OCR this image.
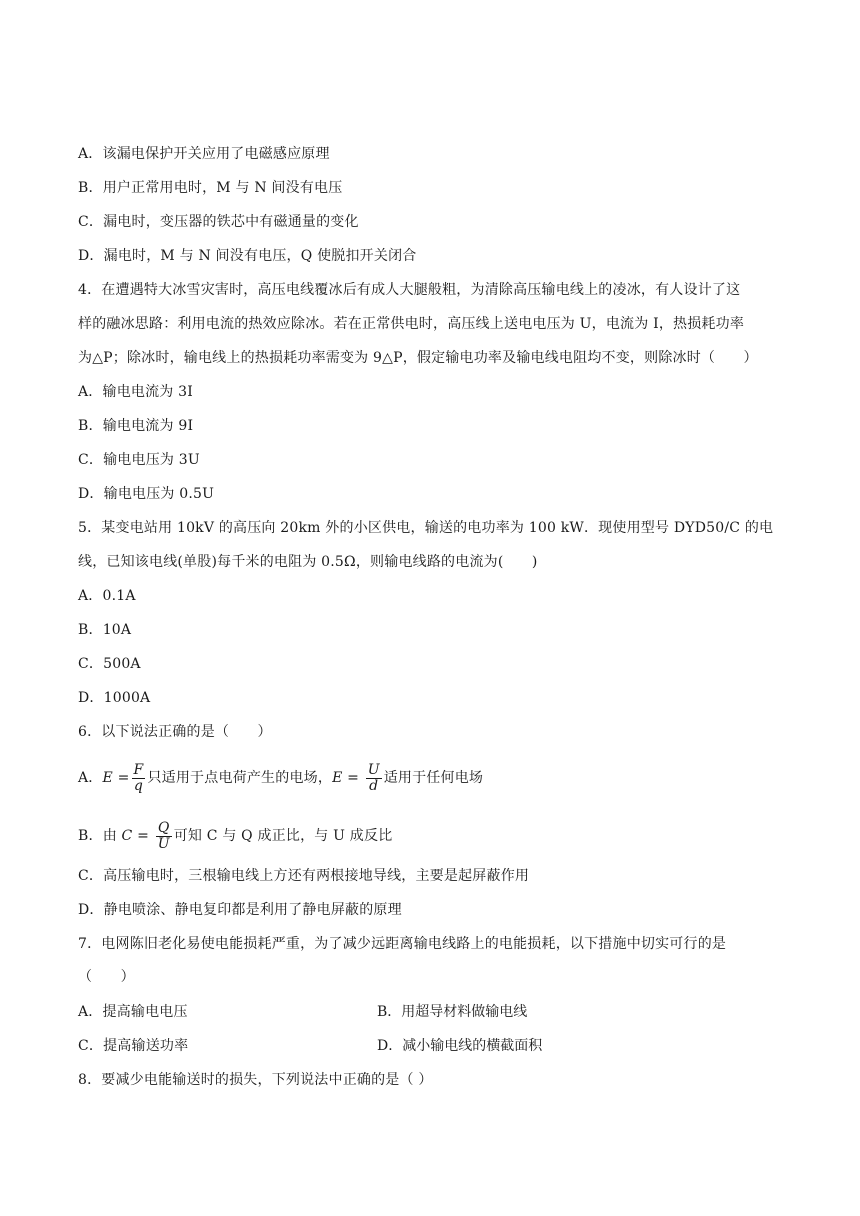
A．该漏电保护开关应用了电磁感应原理
B．用户正常用电时，M 与 N 间没有电压
C．漏电时，变压器的铁芯中有磁通量的变化
D．漏电时，M 与 N 间没有电压，Q 使脱扣开关闭合
4．在遭遇特大冰雪灾害时，高压电线覆冰后有成人大腿般粗，为清除高压输电线上的凌冰，有人设计了这
样的融冰思路：利用电流的热效应除冰。若在正常供电时，高压线上送电电压为 U，电流为 I，热损耗功率
为△P；除冰时，输电线上的热损耗功率需变为 9△P，假定输电功率及输电线电阻均不变，则除冰时（　　）
A．输电电流为 3I
B．输电电流为 9I
C．输电电压为 3U
D．输电电压为 0.5U
5．某变电站用 10kV 的高压向 20km 外的小区供电，输送的电功率为 100 kW．现使用型号 DYD50/C 的电
线，已知该电线(单股)每千米的电阻为 0.5Ω，则输电线路的电流为(　　)
A．0.1A
B．10A
C．500A
D．1000A
6．以下说法正确的是（　　）
A．$E = \frac{F}{q}$ 只适用于点电荷产生的电场，$E = \frac{U}{d}$ 适用于任何电场
B．由 $C = \frac{Q}{U}$ 可知 C 与 Q 成正比，与 U 成反比
C．高压输电时，三根输电线上方还有两根接地导线，主要是起屏蔽作用
D．静电喷涂、静电复印都是利用了静电屏蔽的原理
7．电网陈旧老化易使电能损耗严重，为了减少远距离输电线路上的电能损耗，以下措施中切实可行的是
（　　）
A．提高输电电压	B．用超导材料做输电线
C．提高输送功率	D．减小输电线的横截面积
8．要减少电能输送时的损失，下列说法中正确的是（ ）
